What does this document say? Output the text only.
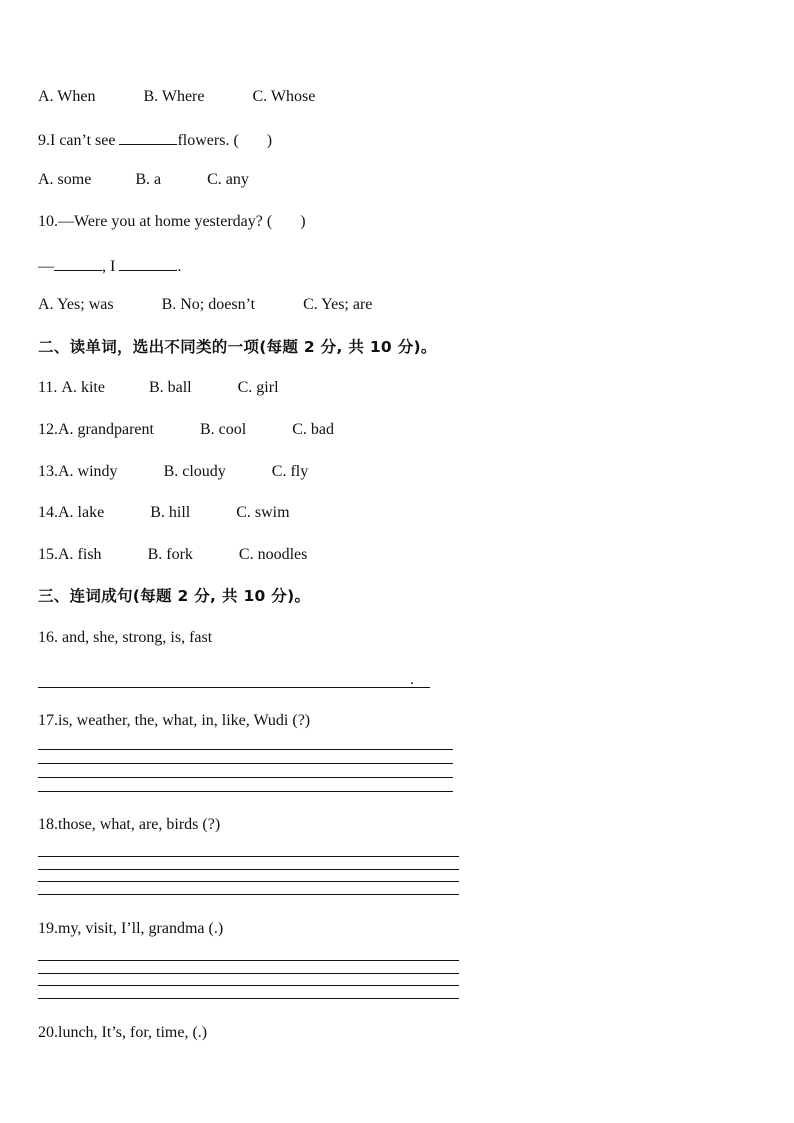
A. When	B. Where	C. Whose
9.I can’t see	flowers. ( )
A. some	B. a	C. any
10.—Were you at home yesterday? ( )
—	, I	.
A. Yes; was	B. No; doesn’t	C. Yes; are
二、读单词，选出不同类的一项(每题 2 分, 共 10 分)。
11. A. kite	B. ball	C. girl
12.A. grandparent	B. cool	C. bad
13.A. windy	B. cloudy	C. fly
14.A. lake	B. hill	C. swim
15.A. fish	B. fork	C. noodles
三、连词成句(每题 2 分, 共 10 分)。
16. and, she, strong, is, fast
.
17.is, weather, the, what, in, like, Wudi (?)
18.those, what, are, birds (?)
19.my, visit, I’ll, grandma (.)
20.lunch, It’s, for, time, (.)
